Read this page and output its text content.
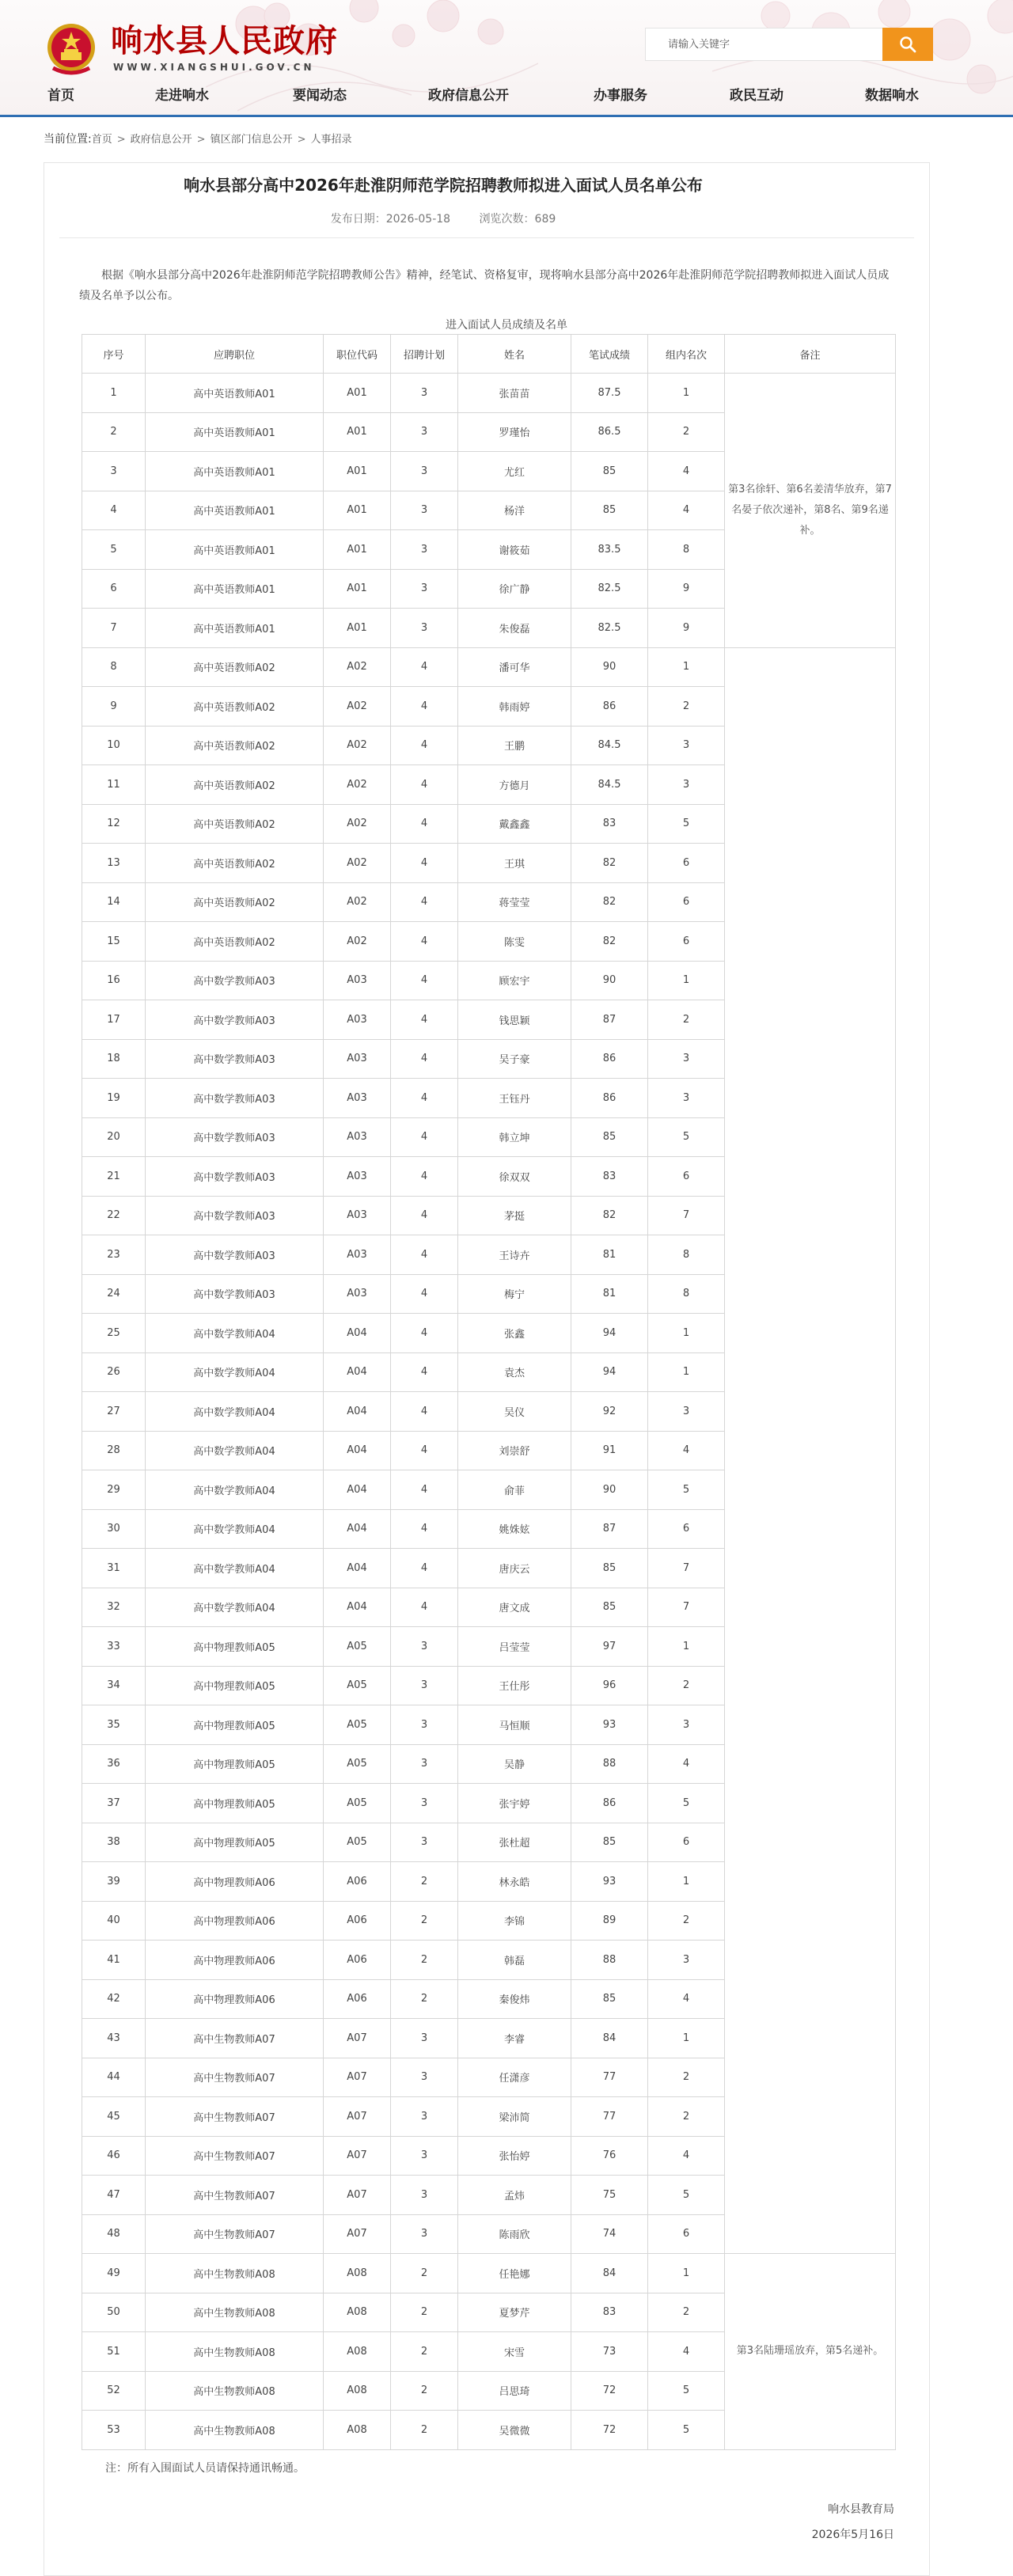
响水县人民政府
WWW.XIANGSHUI.GOV.CN
请输入关键字
首页	走进响水	要闻动态	政府信息公开	办事服务	政民互动	数据响水
当前位置:首页 > 政府信息公开 > 镇区部门信息公开 > 人事招录
响水县部分高中2026年赴淮阴师范学院招聘教师拟进入面试人员名单公布
发布日期：2026-05-18	浏览次数：689
根据《响水县部分高中2026年赴淮阴师范学院招聘教师公告》精神，经笔试、资格复审，现将响水县部分高中2026年赴淮阴师范学院招聘教师拟进入面试人员成绩及名单予以公布。
进入面试人员成绩及名单
序号	应聘职位	职位代码	招聘计划	姓名	笔试成绩	组内名次	备注
1	高中英语教师A01	A01	3	张苗苗	87.5	1	第3名徐轩、第6名姜清华放弃，第7名晏子依次递补，第8名、第9名递补。
2	高中英语教师A01	A01	3	罗瑾怡	86.5	2	
3	高中英语教师A01	A01	3	尤红	85	4	
4	高中英语教师A01	A01	3	杨洋	85	4	
5	高中英语教师A01	A01	3	谢筱茹	83.5	8	
6	高中英语教师A01	A01	3	徐广静	82.5	9	
7	高中英语教师A01	A01	3	朱俊磊	82.5	9	
8	高中英语教师A02	A02	4	潘可华	90	1	
9	高中英语教师A02	A02	4	韩雨婷	86	2	
10	高中英语教师A02	A02	4	王鹏	84.5	3	
11	高中英语教师A02	A02	4	方德月	84.5	3	
12	高中英语教师A02	A02	4	戴鑫鑫	83	5	
13	高中英语教师A02	A02	4	王琪	82	6	
14	高中英语教师A02	A02	4	蒋莹莹	82	6	
15	高中英语教师A02	A02	4	陈雯	82	6	
16	高中数学教师A03	A03	4	顾宏宇	90	1	
17	高中数学教师A03	A03	4	钱思颖	87	2	
18	高中数学教师A03	A03	4	吴子豪	86	3	
19	高中数学教师A03	A03	4	王钰丹	86	3	
20	高中数学教师A03	A03	4	韩立坤	85	5	
21	高中数学教师A03	A03	4	徐双双	83	6	
22	高中数学教师A03	A03	4	茅挺	82	7	
23	高中数学教师A03	A03	4	王诗卉	81	8	
24	高中数学教师A03	A03	4	梅宁	81	8	
25	高中数学教师A04	A04	4	张鑫	94	1	
26	高中数学教师A04	A04	4	袁杰	94	1	
27	高中数学教师A04	A04	4	吴仪	92	3	
28	高中数学教师A04	A04	4	刘崇舒	91	4	
29	高中数学教师A04	A04	4	俞菲	90	5	
30	高中数学教师A04	A04	4	姚姝妶	87	6	
31	高中数学教师A04	A04	4	唐庆云	85	7	
32	高中数学教师A04	A04	4	唐文成	85	7	
33	高中物理教师A05	A05	3	吕莹莹	97	1	
34	高中物理教师A05	A05	3	王仕彤	96	2	
35	高中物理教师A05	A05	3	马恒顺	93	3	
36	高中物理教师A05	A05	3	吴静	88	4	
37	高中物理教师A05	A05	3	张宇婷	86	5	
38	高中物理教师A05	A05	3	张杜超	85	6	
39	高中物理教师A06	A06	2	林永皓	93	1	
40	高中物理教师A06	A06	2	李锦	89	2	
41	高中物理教师A06	A06	2	韩磊	88	3	
42	高中物理教师A06	A06	2	秦俊炜	85	4	
43	高中生物教师A07	A07	3	李睿	84	1	
44	高中生物教师A07	A07	3	任潇彦	77	2	
45	高中生物教师A07	A07	3	梁沛简	77	2	
46	高中生物教师A07	A07	3	张怡婷	76	4	
47	高中生物教师A07	A07	3	孟炜	75	5	
48	高中生物教师A07	A07	3	陈雨欣	74	6	
49	高中生物教师A08	A08	2	任艳娜	84	1	第3名陆珊瑶放弃，第5名递补。
50	高中生物教师A08	A08	2	夏梦芹	83	2	
51	高中生物教师A08	A08	2	宋雪	73	4	
52	高中生物教师A08	A08	2	吕思琦	72	5	
53	高中生物教师A08	A08	2	吴微微	72	5	
注：所有入围面试人员请保持通讯畅通。
响水县教育局
2026年5月16日
